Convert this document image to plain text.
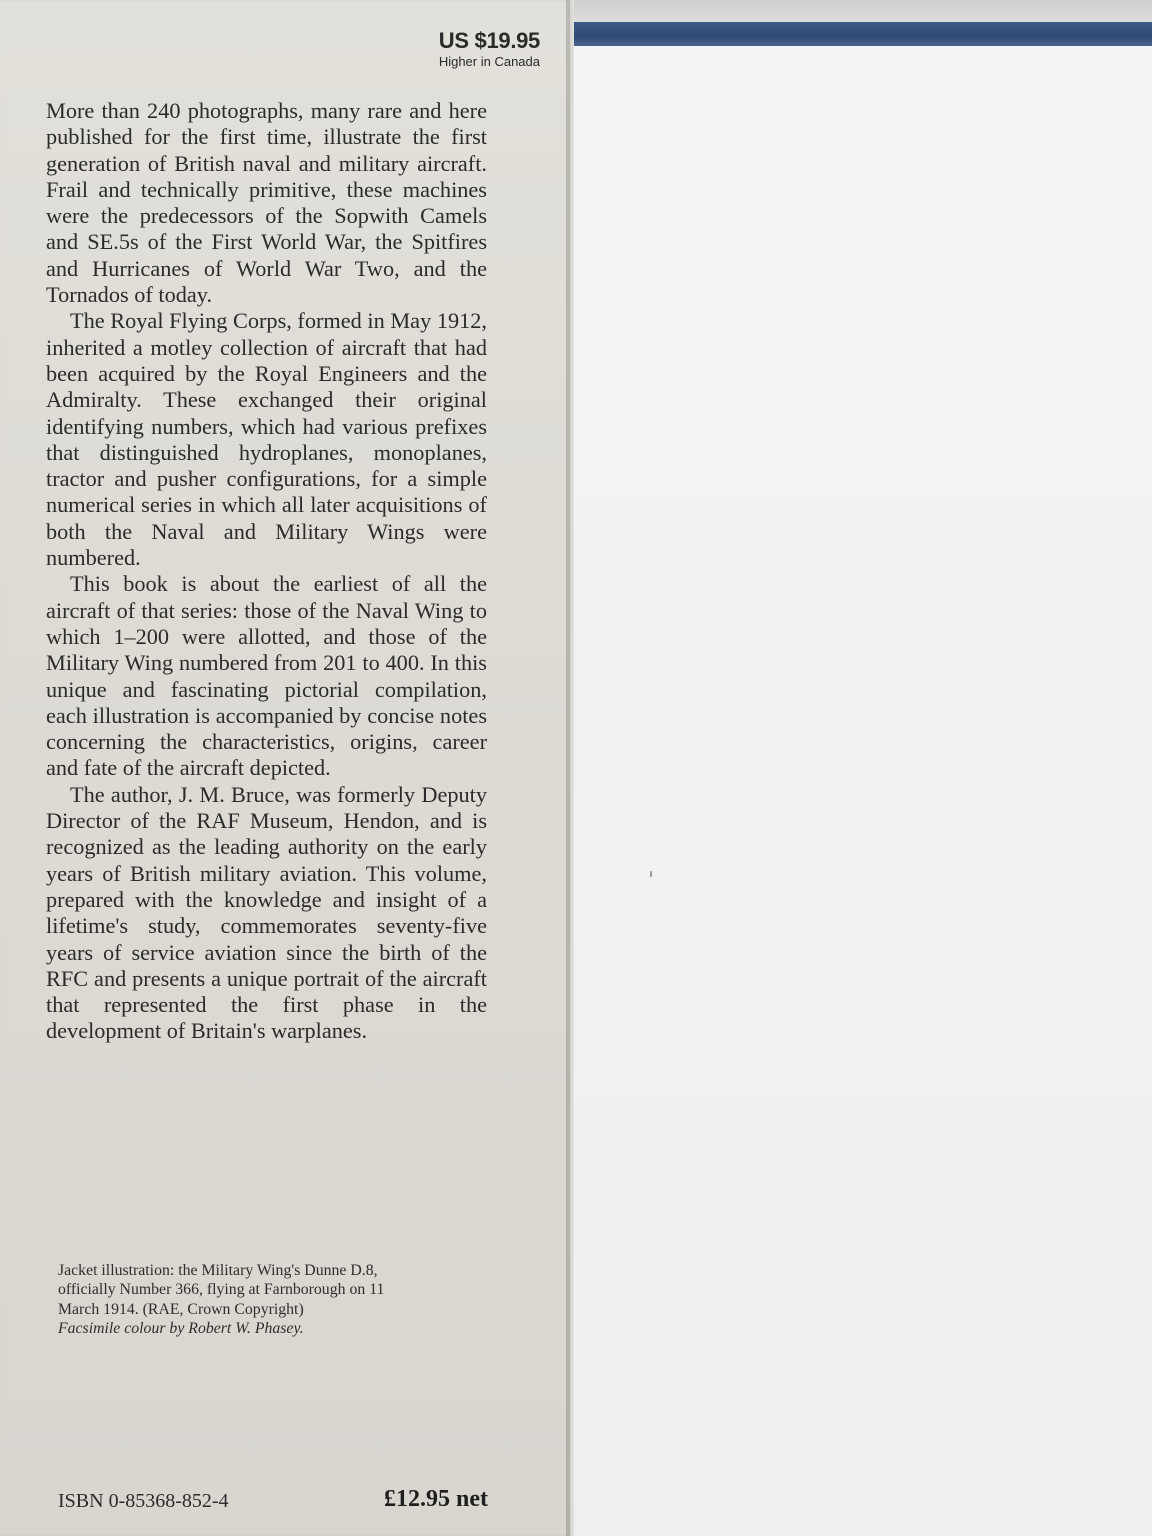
US $19.95
Higher in Canada

More than 240 photographs, many rare and here published for the first time, illustrate the first generation of British naval and military aircraft. Frail and technically primitive, these machines were the predecessors of the Sopwith Camels and SE.5s of the First World War, the Spitfires and Hurricanes of World War Two, and the Tornados of today.

The Royal Flying Corps, formed in May 1912, inherited a motley collection of aircraft that had been acquired by the Royal Engineers and the Admiralty. These exchanged their original identifying numbers, which had various prefixes that distinguished hydroplanes, monoplanes, tractor and pusher configurations, for a simple numerical series in which all later acquisitions of both the Naval and Military Wings were numbered.

This book is about the earliest of all the aircraft of that series: those of the Naval Wing to which 1–200 were allotted, and those of the Military Wing numbered from 201 to 400. In this unique and fascinating pictorial compilation, each illustration is accompanied by concise notes concerning the characteristics, origins, career and fate of the aircraft depicted.

The author, J. M. Bruce, was formerly Deputy Director of the RAF Museum, Hendon, and is recognized as the leading authority on the early years of British military aviation. This volume, prepared with the knowledge and insight of a lifetime's study, commemorates seventy-five years of service aviation since the birth of the RFC and presents a unique portrait of the aircraft that represented the first phase in the development of Britain's warplanes.

Jacket illustration: the Military Wing's Dunne D.8,
officially Number 366, flying at Farnborough on 11
March 1914. (RAE, Crown Copyright)
Facsimile colour by Robert W. Phasey.
ISBN 0-85368-852-4	£12.95 net
